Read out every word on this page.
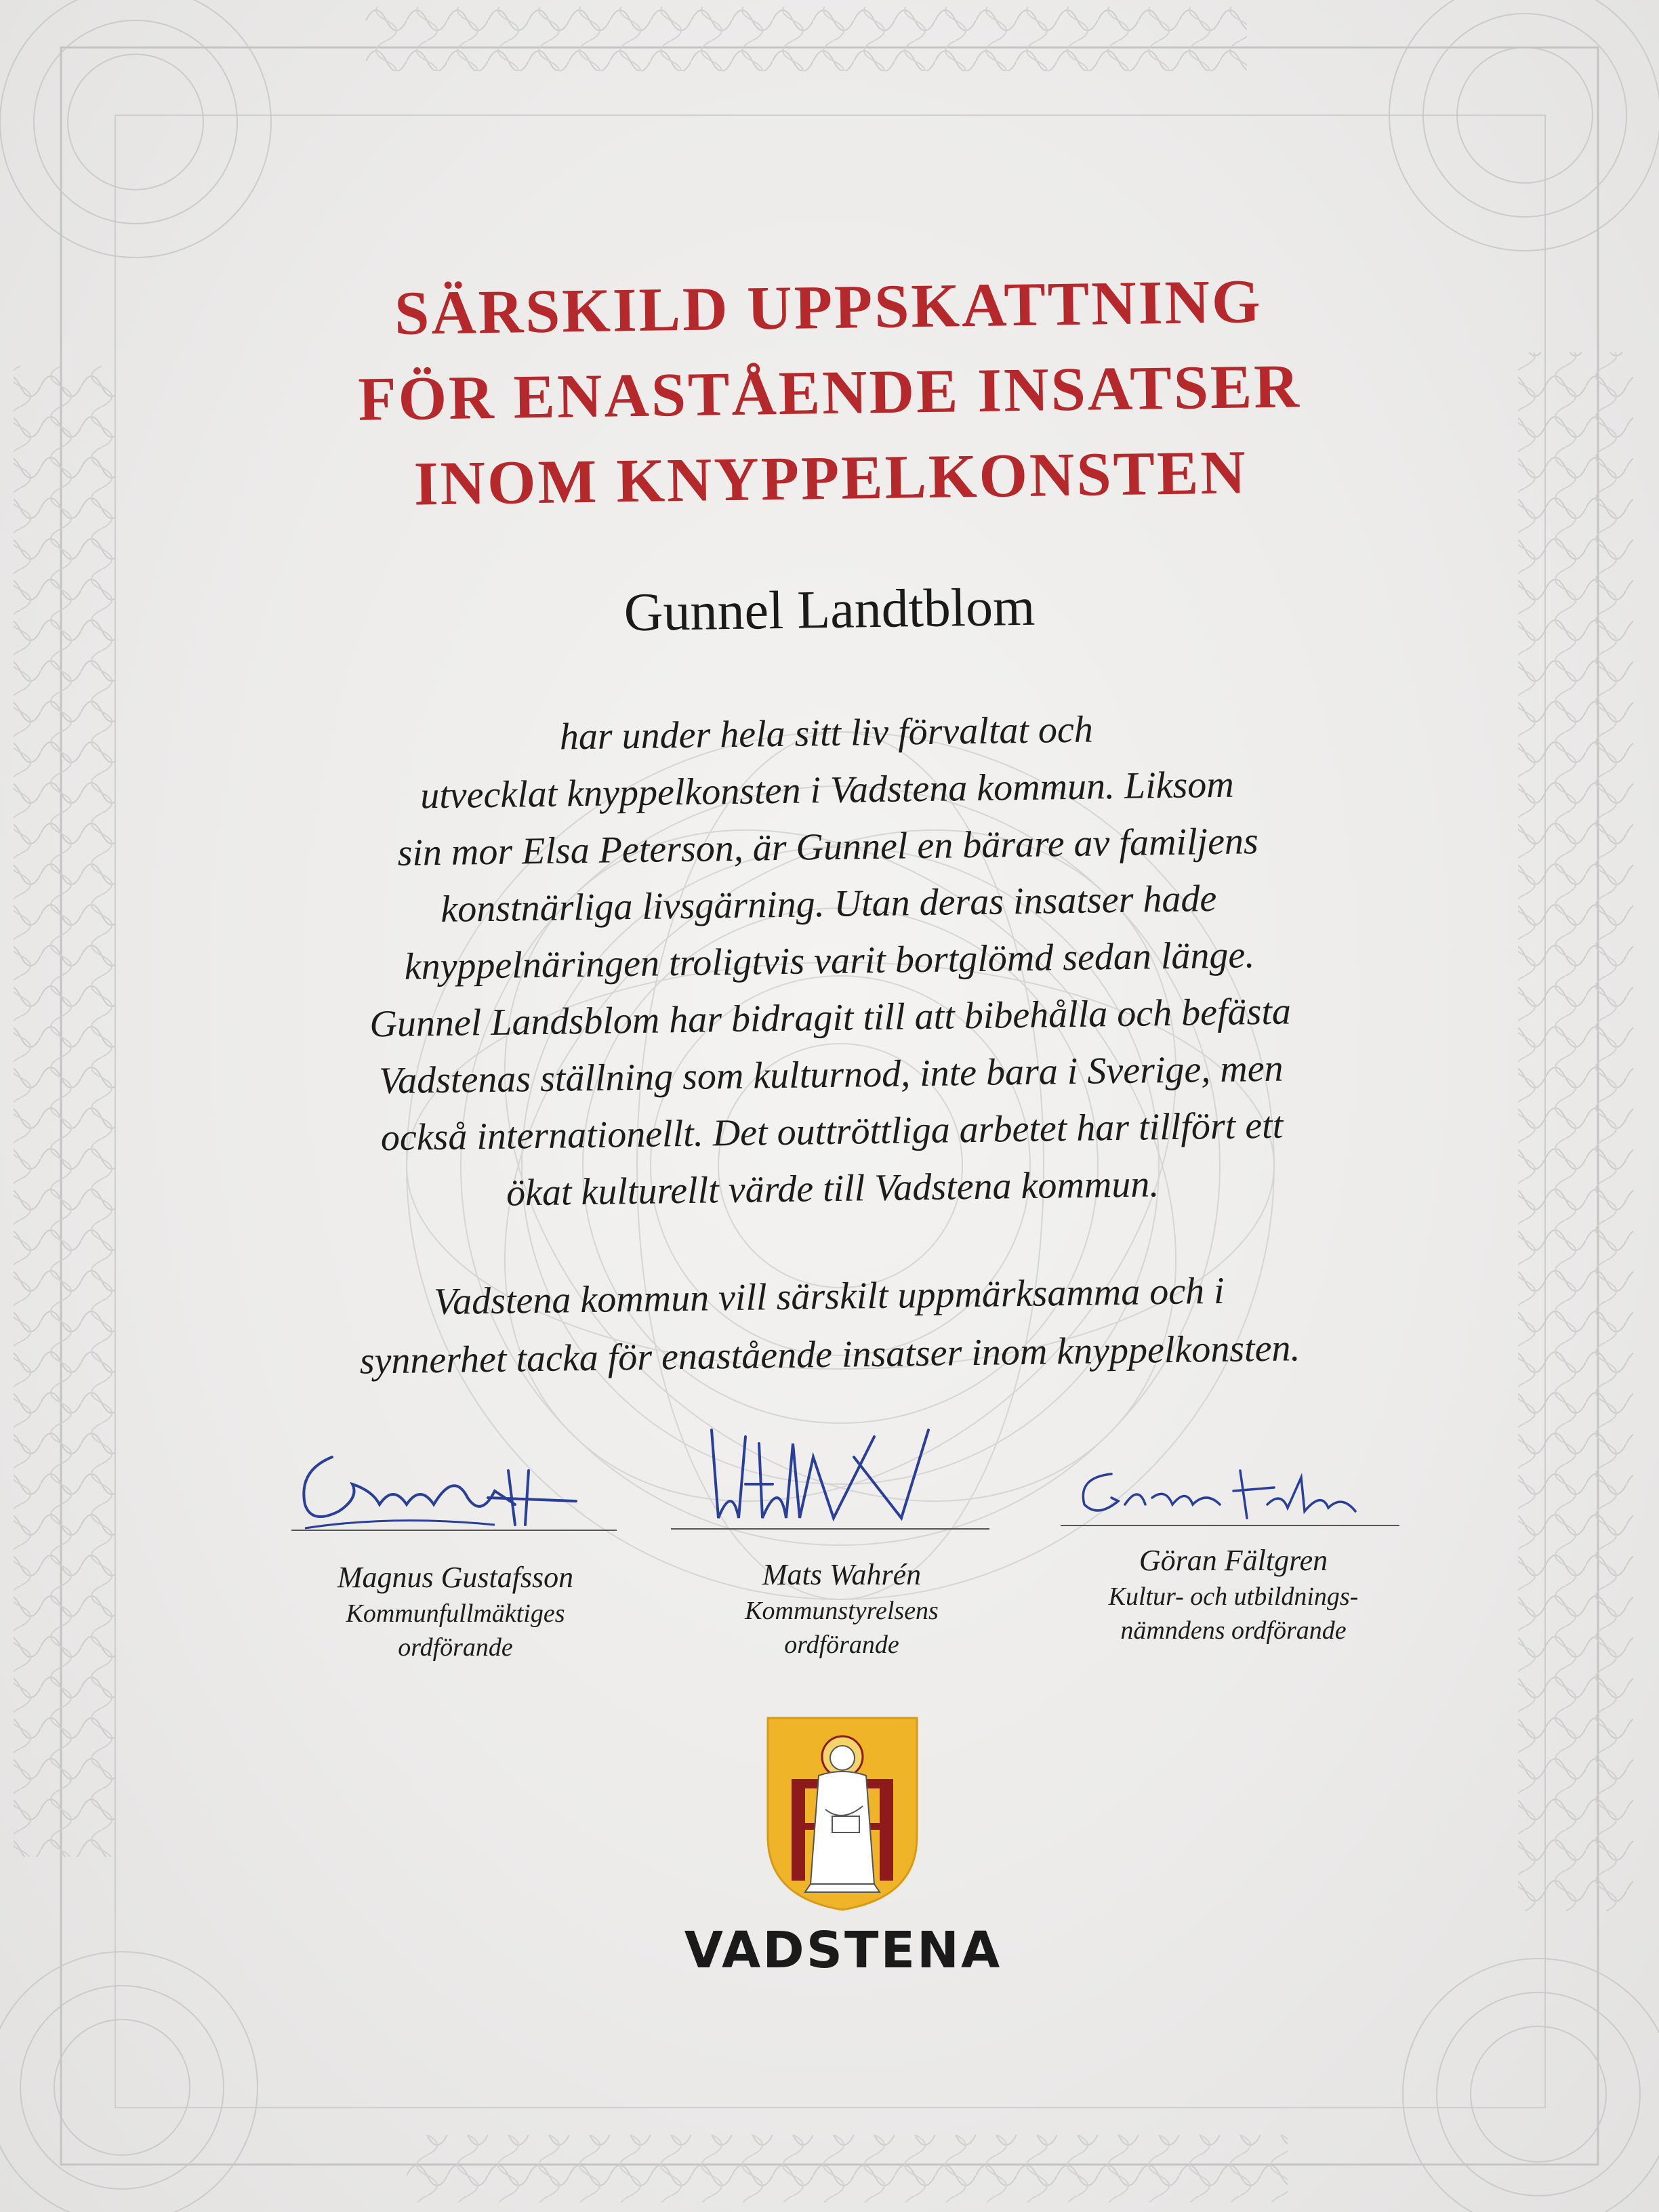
SÄRSKILD UPPSKATTNING
FÖR ENASTÅENDE INSATSER
INOM KNYPPELKONSTEN
Gunnel Landtblom
har under hela sitt liv förvaltat och
utvecklat knyppelkonsten i Vadstena kommun. Liksom
sin mor Elsa Peterson, är Gunnel en bärare av familjens
konstnärliga livsgärning. Utan deras insatser hade
knyppelnäringen troligtvis varit bortglömd sedan länge.
Gunnel Landsblom har bidragit till att bibehålla och befästa
Vadstenas ställning som kulturnod, inte bara i Sverige, men
också internationellt. Det outtröttliga arbetet har tillfört ett
ökat kulturellt värde till Vadstena kommun.
Vadstena kommun vill särskilt uppmärksamma och i
synnerhet tacka för enastående insatser inom knyppelkonsten.
Magnus Gustafsson
Kommunfullmäktiges
ordförande
Mats Wahrén
Kommunstyrelsens
ordförande
Göran Fältgren
Kultur- och utbildnings-
nämndens ordförande
VADSTENA
